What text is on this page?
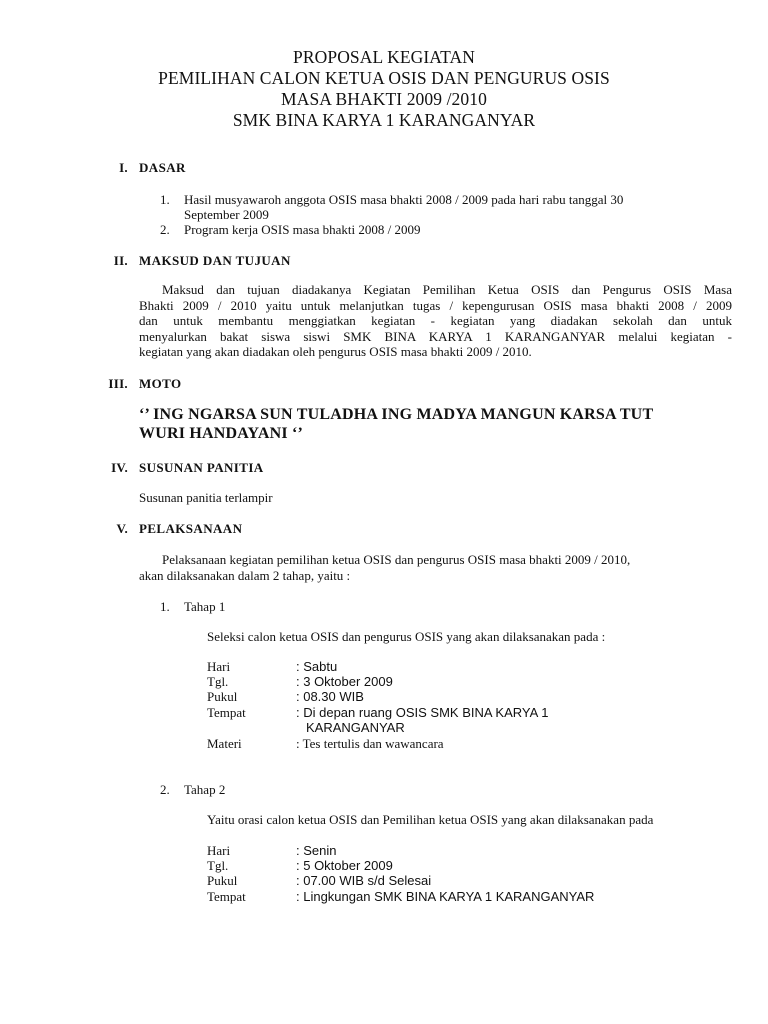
PROPOSAL KEGIATAN
PEMILIHAN CALON KETUA OSIS DAN PENGURUS OSIS
MASA BHAKTI 2009 /2010
SMK BINA KARYA 1 KARANGANYAR
I. DASAR
1. Hasil musyawaroh anggota OSIS masa bhakti 2008 / 2009 pada hari rabu tanggal 30
September 2009
2. Program kerja OSIS masa bhakti 2008 / 2009
II. MAKSUD DAN TUJUAN
Maksud dan tujuan diadakanya Kegiatan Pemilihan Ketua OSIS dan Pengurus OSIS Masa
Bhakti 2009 / 2010 yaitu untuk melanjutkan tugas / kepengurusan OSIS masa bhakti 2008 / 2009
dan untuk membantu menggiatkan kegiatan - kegiatan yang diadakan sekolah dan untuk
menyalurkan bakat siswa siswi SMK BINA KARYA 1 KARANGANYAR melalui kegiatan -
kegiatan yang akan diadakan oleh pengurus OSIS masa bhakti 2009 / 2010.
III. MOTO
‘’ ING NGARSA SUN TULADHA ING MADYA MANGUN KARSA TUT
WURI HANDAYANI ‘’
IV. SUSUNAN PANITIA
Susunan panitia terlampir
V. PELAKSANAAN
Pelaksanaan kegiatan pemilihan ketua OSIS dan pengurus OSIS masa bhakti 2009 / 2010,
akan dilaksanakan dalam 2 tahap, yaitu :
1. Tahap 1
Seleksi calon ketua OSIS dan pengurus OSIS yang akan dilaksanakan pada :
Hari	: Sabtu
Tgl.	: 3 Oktober 2009
Pukul	: 08.30 WIB
Tempat	: Di depan ruang OSIS SMK BINA KARYA 1
KARANGANYAR
Materi	: Tes tertulis dan wawancara
2. Tahap 2
Yaitu orasi calon ketua OSIS dan Pemilihan ketua OSIS yang akan dilaksanakan pada
Hari	: Senin
Tgl.	: 5 Oktober 2009
Pukul	: 07.00 WIB s/d Selesai
Tempat	: Lingkungan SMK BINA KARYA 1 KARANGANYAR
